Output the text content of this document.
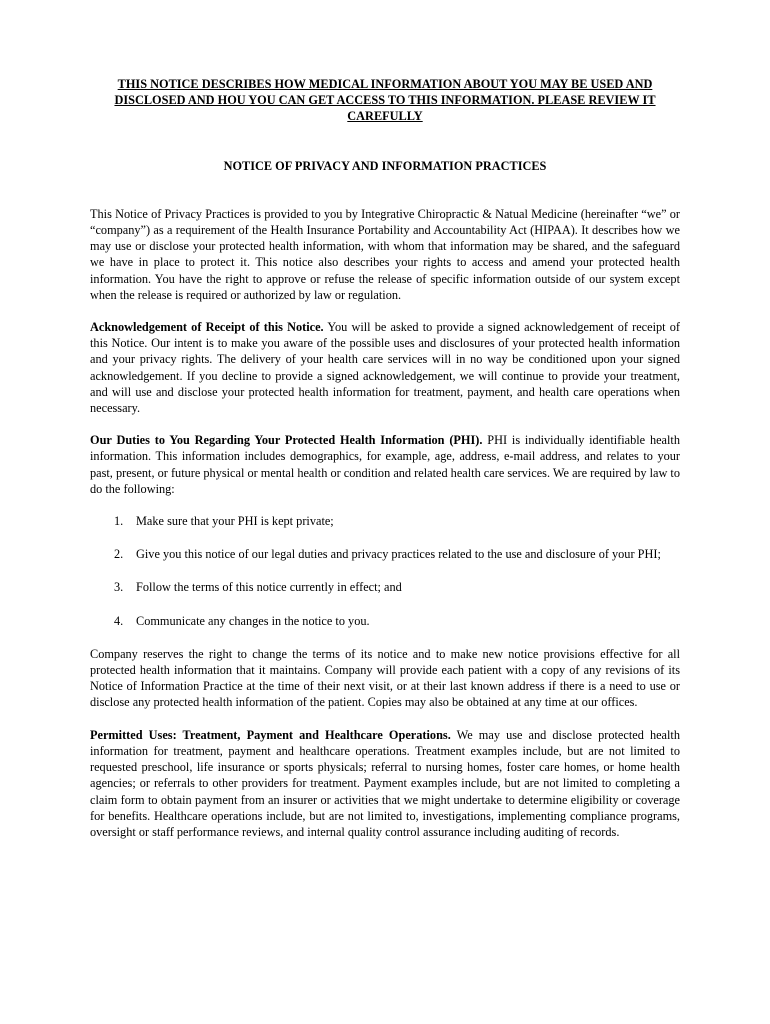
THIS NOTICE DESCRIBES HOW MEDICAL INFORMATION ABOUT YOU MAY BE USED AND DISCLOSED AND HOU YOU CAN GET ACCESS TO THIS INFORMATION. PLEASE REVIEW IT CAREFULLY
NOTICE OF PRIVACY AND INFORMATION PRACTICES

This Notice of Privacy Practices is provided to you by Integrative Chiropractic & Natual Medicine (hereinafter “we” or “company”) as a requirement of the Health Insurance Portability and Accountability Act (HIPAA). It describes how we may use or disclose your protected health information, with whom that information may be shared, and the safeguard we have in place to protect it. This notice also describes your rights to access and amend your protected health information. You have the right to approve or refuse the release of specific information outside of our system except when the release is required or authorized by law or regulation.

Acknowledgement of Receipt of this Notice. You will be asked to provide a signed acknowledgement of receipt of this Notice. Our intent is to make you aware of the possible uses and disclosures of your protected health information and your privacy rights. The delivery of your health care services will in no way be conditioned upon your signed acknowledgement. If you decline to provide a signed acknowledgement, we will continue to provide your treatment, and will use and disclose your protected health information for treatment, payment, and health care operations when necessary.

Our Duties to You Regarding Your Protected Health Information (PHI). PHI is individually identifiable health information. This information includes demographics, for example, age, address, e-mail address, and relates to your past, present, or future physical or mental health or condition and related health care services. We are required by law to do the following:

1. Make sure that your PHI is kept private;
2. Give you this notice of our legal duties and privacy practices related to the use and disclosure of your PHI;
3. Follow the terms of this notice currently in effect; and
4. Communicate any changes in the notice to you.

Company reserves the right to change the terms of its notice and to make new notice provisions effective for all protected health information that it maintains. Company will provide each patient with a copy of any revisions of its Notice of Information Practice at the time of their next visit, or at their last known address if there is a need to use or disclose any protected health information of the patient. Copies may also be obtained at any time at our offices.

Permitted Uses: Treatment, Payment and Healthcare Operations. We may use and disclose protected health information for treatment, payment and healthcare operations. Treatment examples include, but are not limited to requested preschool, life insurance or sports physicals; referral to nursing homes, foster care homes, or home health agencies; or referrals to other providers for treatment. Payment examples include, but are not limited to completing a claim form to obtain payment from an insurer or activities that we might undertake to determine eligibility or coverage for benefits. Healthcare operations include, but are not limited to, investigations, implementing compliance programs, oversight or staff performance reviews, and internal quality control assurance including auditing of records.
